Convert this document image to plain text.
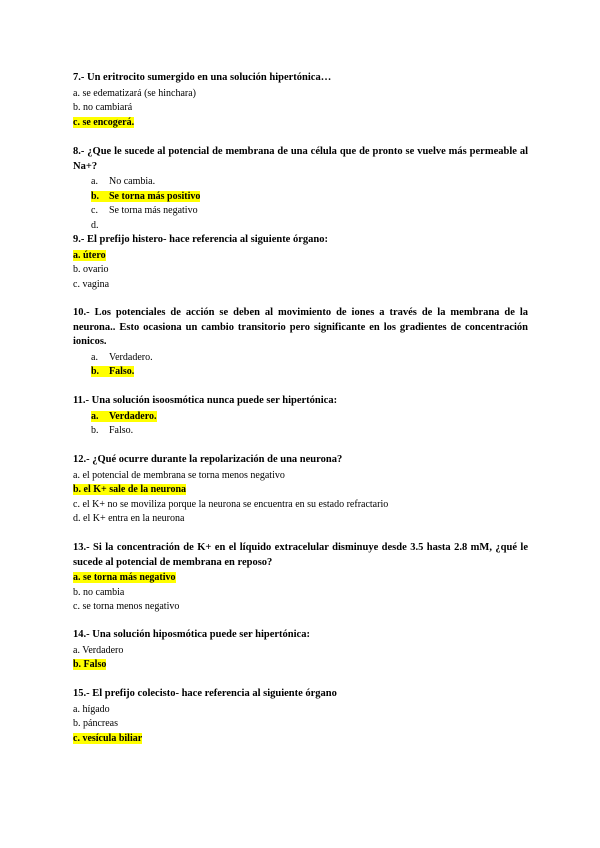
7.- Un eritrocito sumergido en una solución hipertónica…
a. se edematizará (se hinchara)
b. no cambiará
c. se encogerá.
8.- ¿Que le sucede al potencial de membrana de una célula que de pronto se vuelve más permeable al Na+?
a. No cambia.
b. Se torna más positivo
c. Se torna más negativo
d.
9.- El prefijo histero- hace referencia al siguiente órgano:
a. útero
b. ovario
c. vagina
10.- Los potenciales de acción se deben al movimiento de iones a través de la membrana de la neurona.. Esto ocasiona un cambio transitorio pero significante en los gradientes de concentración ionicos.
a. Verdadero.
b. Falso.
11.- Una solución isoosmótica nunca puede ser hipertónica:
a. Verdadero.
b. Falso.
12.- ¿Qué ocurre durante la repolarización de una neurona?
a. el potencial de membrana se torna menos negativo
b. el K+ sale de la neurona
c. el K+ no se moviliza porque la neurona se encuentra en su estado refractario
d. el K+ entra en la neurona
13.- Si la concentración de K+ en el líquido extracelular disminuye desde 3.5 hasta 2.8 mM, ¿qué le sucede al potencial de membrana en reposo?
a. se torna más negativo
b. no cambia
c. se torna menos negativo
14.- Una solución hiposmótica puede ser hipertónica:
a. Verdadero
b. Falso
15.- El prefijo colecisto- hace referencia al siguiente órgano
a. hígado
b. páncreas
c. vesícula biliar
